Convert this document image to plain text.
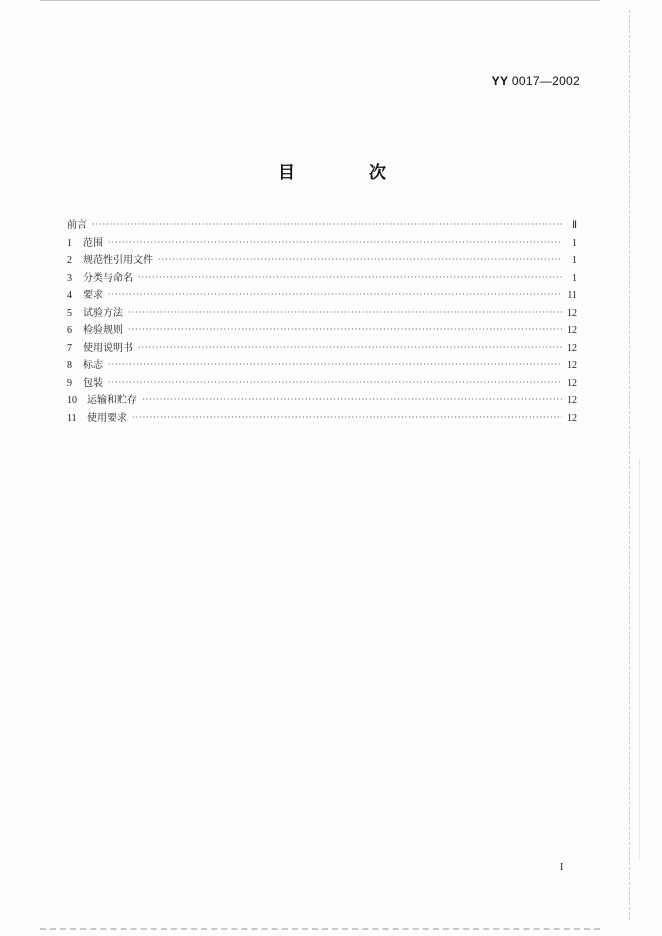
YY 0017—2002
目 次
前言 ·····	Ⅱ
1	范围 ·····	1
2	规范性引用文件 ·····	1
3	分类与命名 ·····	1
4	要求 ·····	11
5	试验方法 ·····	12
6	检验规则 ·····	12
7	使用说明书 ·····	12
8	标志 ·····	12
9	包装 ·····	12
10	运输和贮存 ·····	12
11	使用要求 ·····	12
I
